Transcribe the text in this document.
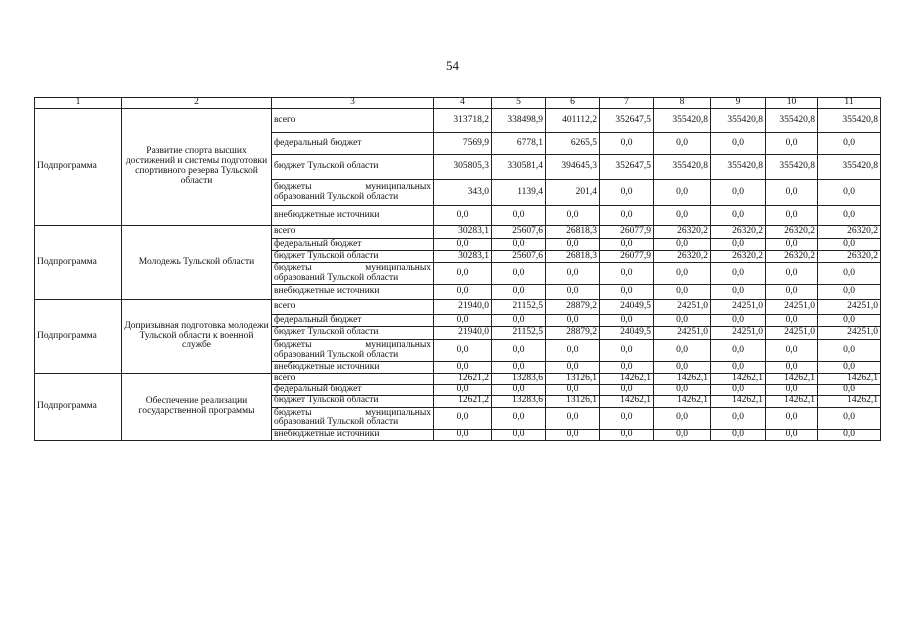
54
1	2	3	4	5	6	7	8	9	10	11
Подпрограмма	Развитие спорта высших достижений и системы подготовки спортивного резерва Тульской области	всего	313718,2	338498,9	401112,2	352647,5	355420,8	355420,8	355420,8	355420,8
		федеральный бюджет	7569,9	6778,1	6265,5	0,0	0,0	0,0	0,0	0,0
		бюджет Тульской области	305805,3	330581,4	394645,3	352647,5	355420,8	355420,8	355420,8	355420,8
		бюджеты муниципальных образований Тульской области	343,0	1139,4	201,4	0,0	0,0	0,0	0,0	0,0
		внебюджетные источники	0,0	0,0	0,0	0,0	0,0	0,0	0,0	0,0
Подпрограмма	Молодежь Тульской области	всего	30283,1	25607,6	26818,3	26077,9	26320,2	26320,2	26320,2	26320,2
		федеральный бюджет	0,0	0,0	0,0	0,0	0,0	0,0	0,0	0,0
		бюджет Тульской области	30283,1	25607,6	26818,3	26077,9	26320,2	26320,2	26320,2	26320,2
		бюджеты муниципальных образований Тульской области	0,0	0,0	0,0	0,0	0,0	0,0	0,0	0,0
		внебюджетные источники	0,0	0,0	0,0	0,0	0,0	0,0	0,0	0,0
Подпрограмма	Допризывная подготовка молодежи Тульской области к военной службе	всего	21940,0	21152,5	28879,2	24049,5	24251,0	24251,0	24251,0	24251,0
		федеральный бюджет	0,0	0,0	0,0	0,0	0,0	0,0	0,0	0,0
		бюджет Тульской области	21940,0	21152,5	28879,2	24049,5	24251,0	24251,0	24251,0	24251,0
		бюджеты муниципальных образований Тульской области	0,0	0,0	0,0	0,0	0,0	0,0	0,0	0,0
		внебюджетные источники	0,0	0,0	0,0	0,0	0,0	0,0	0,0	0,0
Подпрограмма	Обеспечение реализации государственной программы	всего	12621,2	13283,6	13126,1	14262,1	14262,1	14262,1	14262,1	14262,1
		федеральный бюджет	0,0	0,0	0,0	0,0	0,0	0,0	0,0	0,0
		бюджет Тульской области	12621,2	13283,6	13126,1	14262,1	14262,1	14262,1	14262,1	14262,1
		бюджеты муниципальных образований Тульской области	0,0	0,0	0,0	0,0	0,0	0,0	0,0	0,0
		внебюджетные источники	0,0	0,0	0,0	0,0	0,0	0,0	0,0	0,0
